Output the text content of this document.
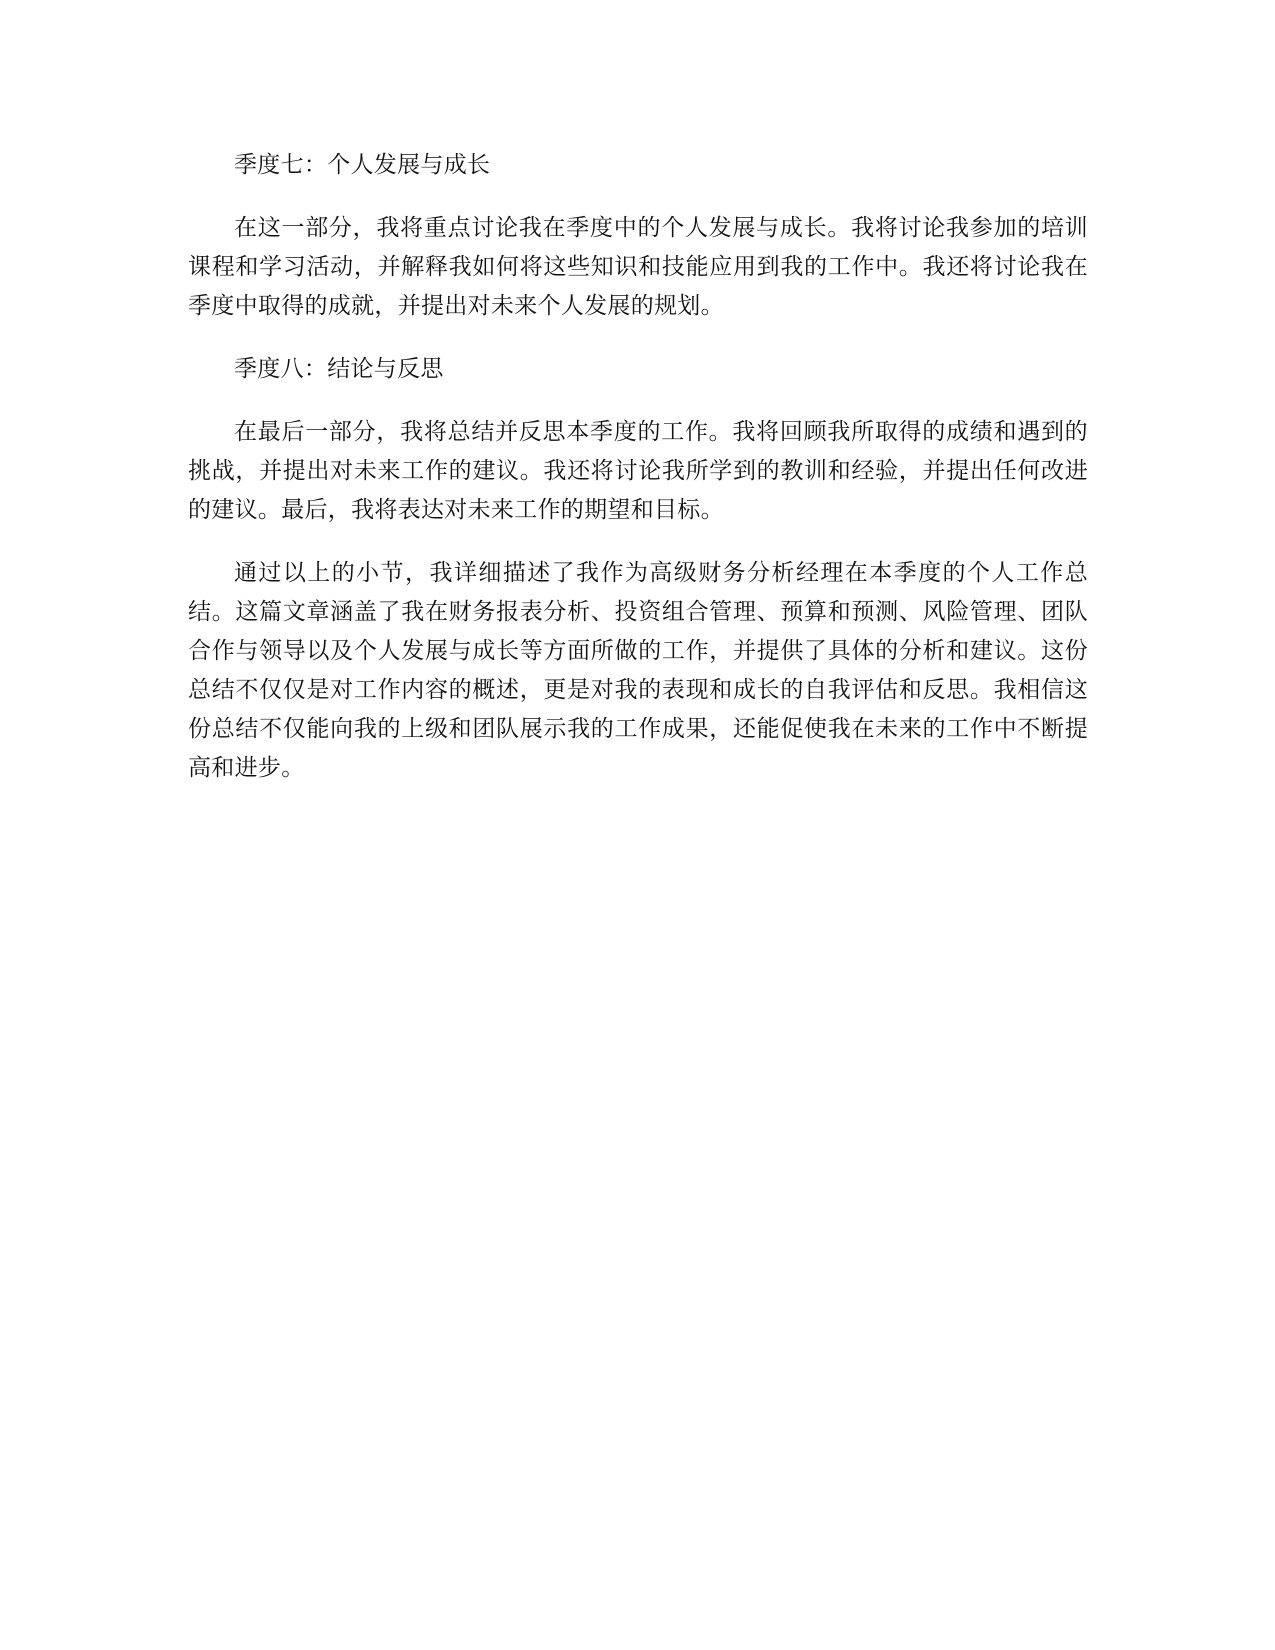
季度七：个人发展与成长

在这一部分，我将重点讨论我在季度中的个人发展与成长。我将讨论我参加的培训课程和学习活动，并解释我如何将这些知识和技能应用到我的工作中。我还将讨论我在季度中取得的成就，并提出对未来个人发展的规划。

季度八：结论与反思

在最后一部分，我将总结并反思本季度的工作。我将回顾我所取得的成绩和遇到的挑战，并提出对未来工作的建议。我还将讨论我所学到的教训和经验，并提出任何改进的建议。最后，我将表达对未来工作的期望和目标。

通过以上的小节，我详细描述了我作为高级财务分析经理在本季度的个人工作总结。这篇文章涵盖了我在财务报表分析、投资组合管理、预算和预测、风险管理、团队合作与领导以及个人发展与成长等方面所做的工作，并提供了具体的分析和建议。这份总结不仅仅是对工作内容的概述，更是对我的表现和成长的自我评估和反思。我相信这份总结不仅能向我的上级和团队展示我的工作成果，还能促使我在未来的工作中不断提高和进步。
